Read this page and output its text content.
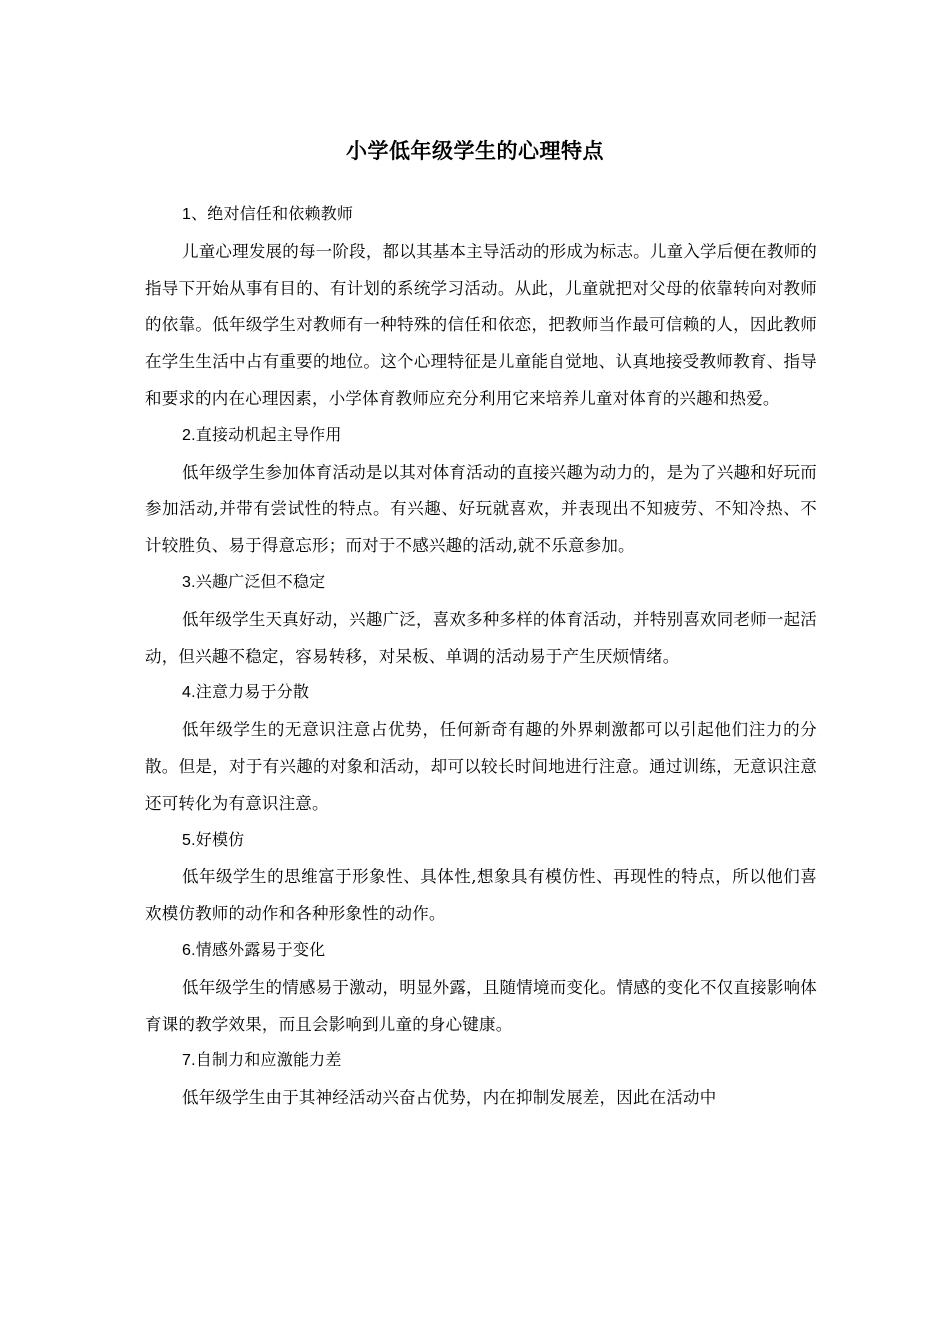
小学低年级学生的心理特点

1、绝对信任和依赖教师

儿童心理发展的每一阶段，都以其基本主导活动的形成为标志。儿童入学后便在教师的指导下开始从事有目的、有计划的系统学习活动。从此，儿童就把对父母的依靠转向对教师的依靠。低年级学生对教师有一种特殊的信任和依恋，把教师当作最可信赖的人，因此教师在学生生活中占有重要的地位。这个心理特征是儿童能自觉地、认真地接受教师教育、指导和要求的内在心理因素，小学体育教师应充分利用它来培养儿童对体育的兴趣和热爱。

2.直接动机起主导作用

低年级学生参加体育活动是以其对体育活动的直接兴趣为动力的，是为了兴趣和好玩而参加活动,并带有尝试性的特点。有兴趣、好玩就喜欢，并表现出不知疲劳、不知冷热、不计较胜负、易于得意忘形；而对于不感兴趣的活动,就不乐意参加。

3.兴趣广泛但不稳定

低年级学生天真好动，兴趣广泛，喜欢多种多样的体育活动，并特别喜欢同老师一起活动，但兴趣不稳定，容易转移，对呆板、单调的活动易于产生厌烦情绪。

4.注意力易于分散

低年级学生的无意识注意占优势，任何新奇有趣的外界刺激都可以引起他们注力的分散。但是，对于有兴趣的对象和活动，却可以较长时间地进行注意。通过训练，无意识注意还可转化为有意识注意。

5.好模仿

低年级学生的思维富于形象性、具体性,想象具有模仿性、再现性的特点，所以他们喜欢模仿教师的动作和各种形象性的动作。

6.情感外露易于变化

低年级学生的情感易于激动，明显外露，且随情境而变化。情感的变化不仅直接影响体育课的教学效果，而且会影响到儿童的身心键康。

7.自制力和应激能力差

低年级学生由于其神经活动兴奋占优势，内在抑制发展差，因此在活动中
